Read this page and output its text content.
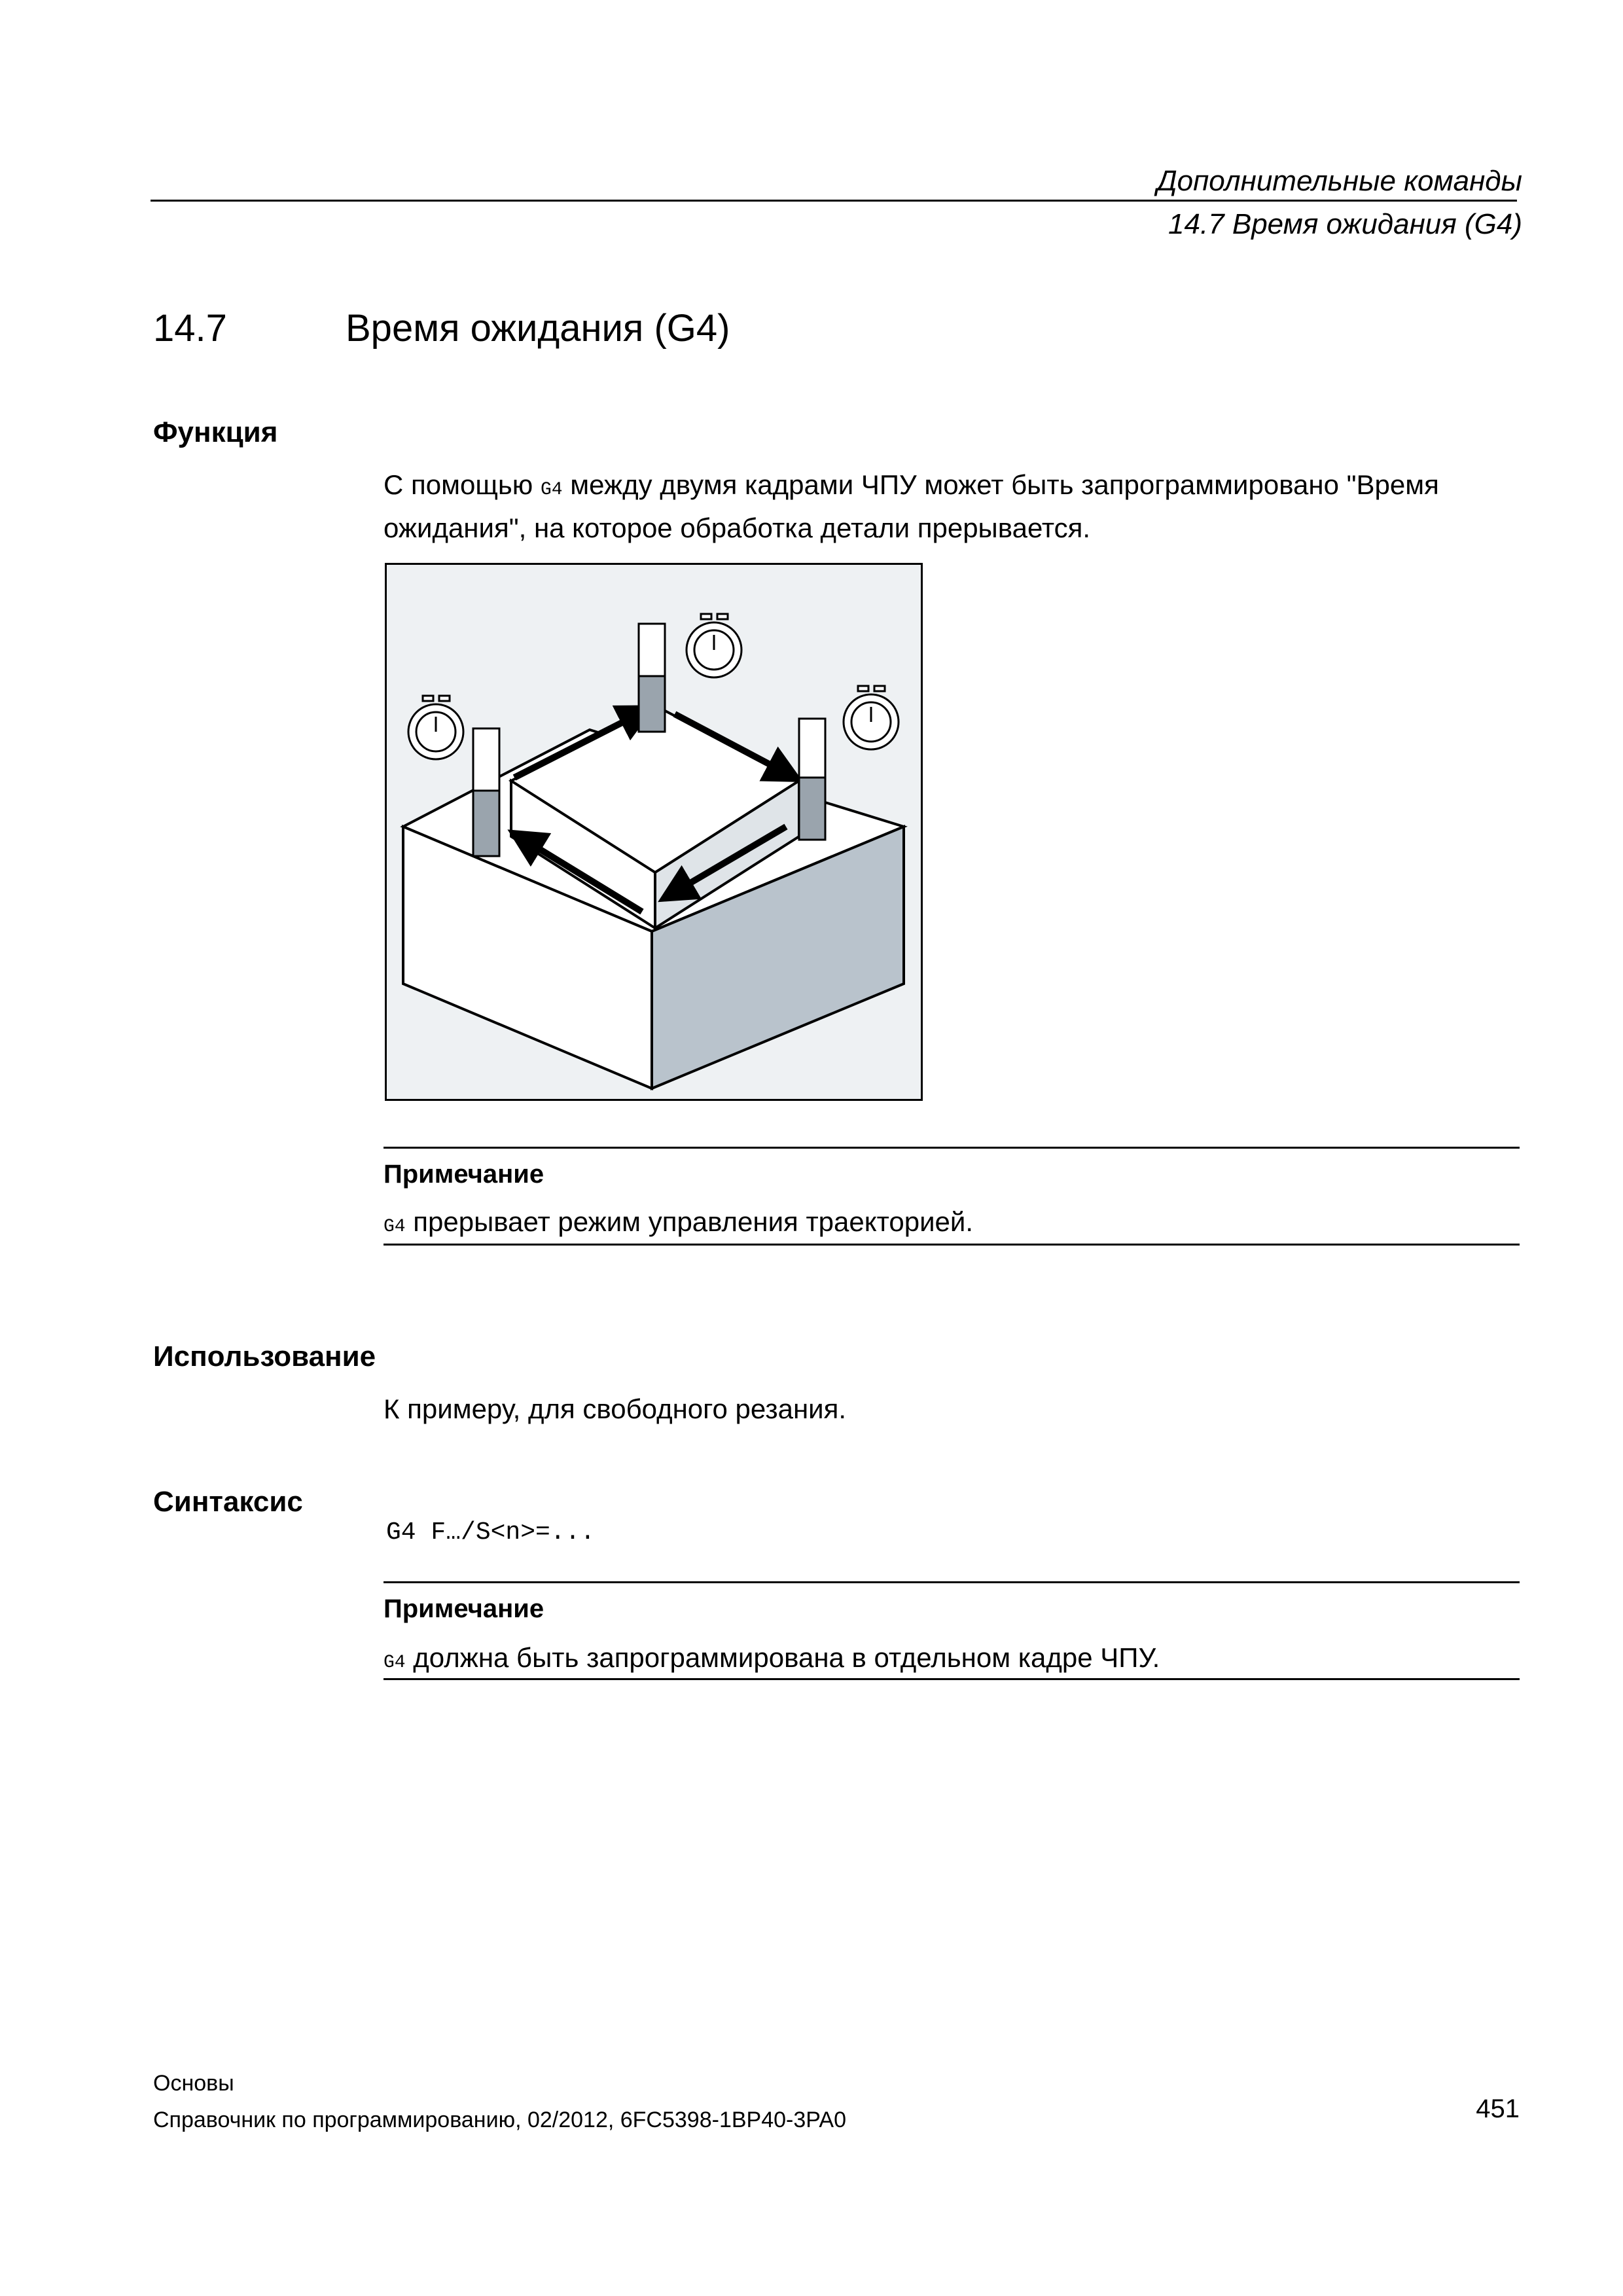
Дополнительные команды
14.7 Время ожидания (G4)
14.7	Время ожидания (G4)
Функция
С помощью G4 между двумя кадрами ЧПУ может быть запрограммировано "Время ожидания", на которое обработка детали прерывается.
Примечание
G4 прерывает режим управления траекторией.
Использование
К примеру, для свободного резания.
Синтаксис
G4 F…/S<n>=...
Примечание
G4 должна быть запрограммирована в отдельном кадре ЧПУ.
Основы
Справочник по программированию, 02/2012, 6FC5398-1BP40-3PA0	451
